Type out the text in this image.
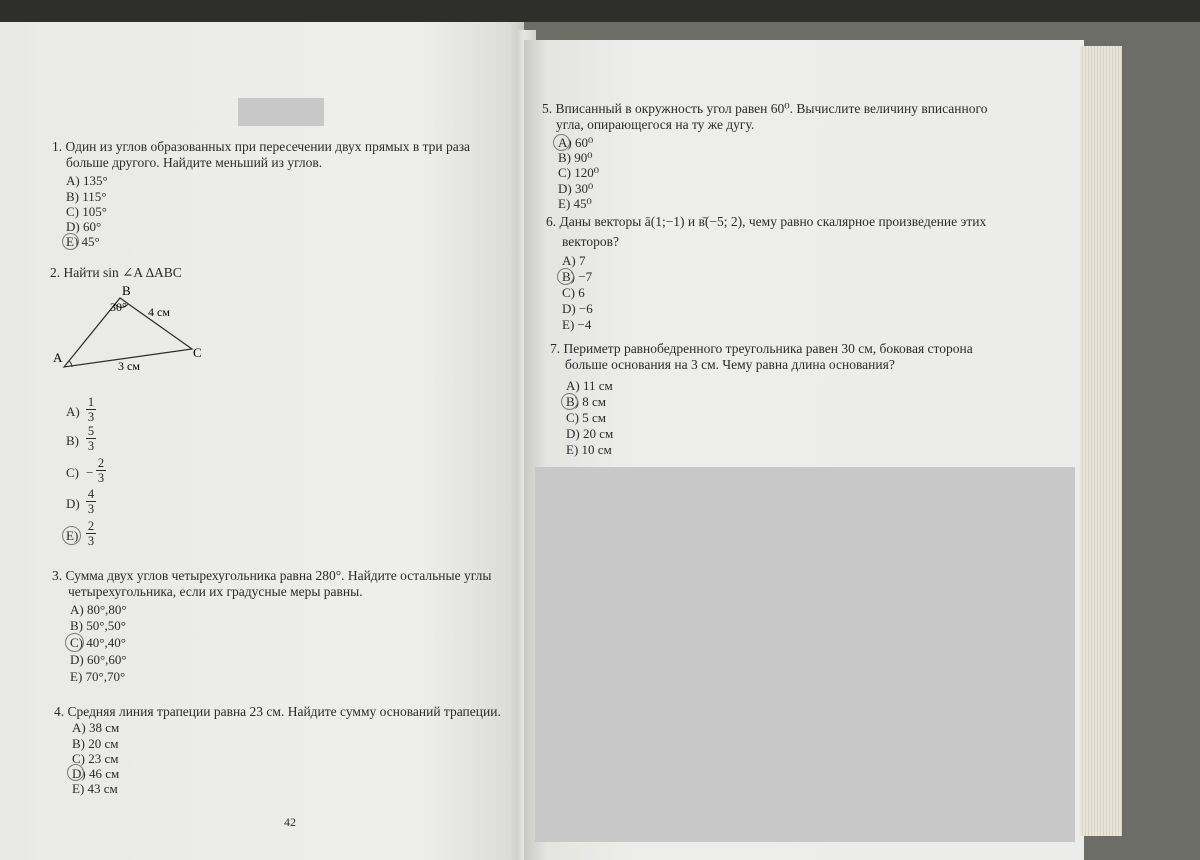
1. Один из углов образованных при пересечении двух прямых в три раза
больше другого. Найдите меньший из углов.
A) 135°
B) 115°
C) 105°
D) 60°
E) 45°
2. Найти sin ∠A ∆ABC
A
B
C
30° 4 см
3 см
A)
1
3
B)
5
3
C) −
2
3
D)
4
3
E)
2
3
3. Сумма двух углов четырехугольника равна 280°. Найдите остальные углы
четырехугольника, если их градусные меры равны.
A) 80°,80°
B) 50°,50°
C) 40°,40°
D) 60°,60°
E) 70°,70°
4. Средняя линия трапеции равна 23 см. Найдите сумму оснований трапеции.
A) 38 см
B) 20 см
C) 23 см
D) 46 см
E) 43 см
42
5. Вписанный в окружность угол равен 60⁰. Вычислите величину вписанного
угла, опирающегося на ту же дугу.
A) 60⁰
B) 90⁰
C) 120⁰
D) 30⁰
E) 45⁰
6. Даны векторы ā(1;−1) и в̄(−5; 2), чему равно скалярное произведение этих
векторов?
A) 7
B) −7
C) 6
D) −6
E) −4
7. Периметр равнобедренного треугольника равен 30 см, боковая сторона
больше основания на 3 см. Чему равна длина основания?
A) 11 см
B) 8 см
C) 5 см
D) 20 см
E) 10 см
